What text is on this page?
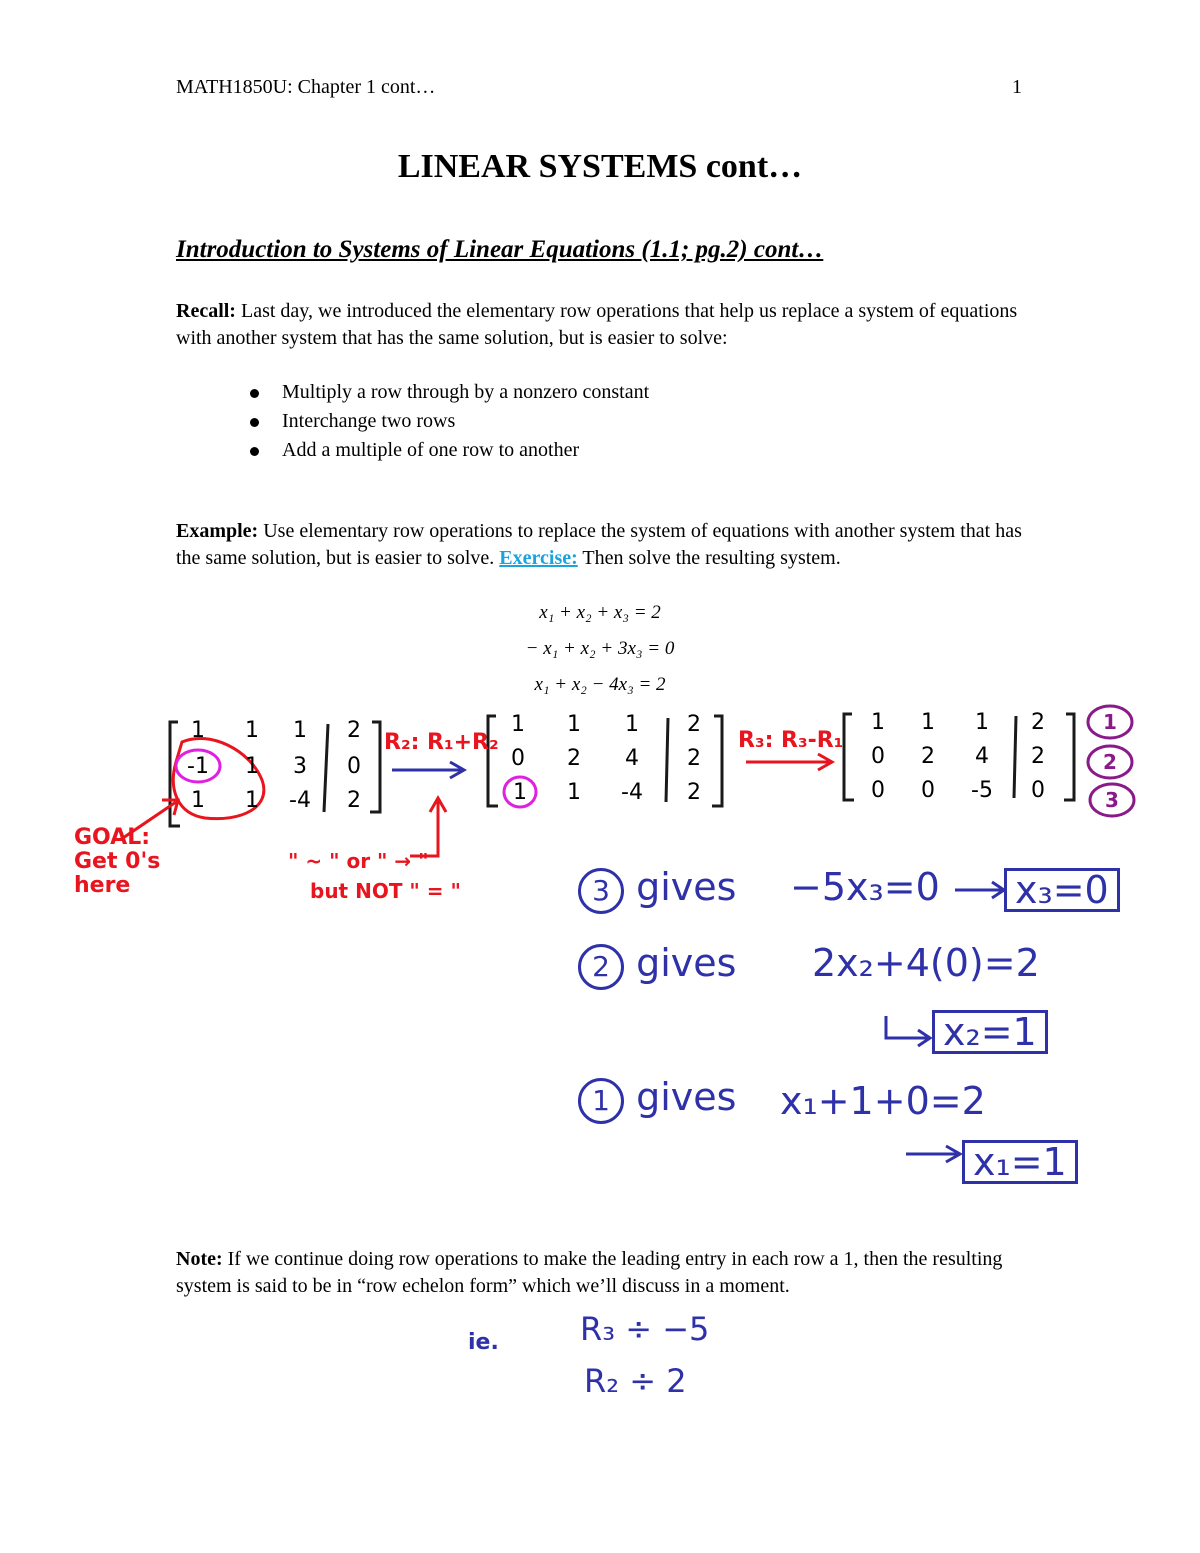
MATH1850U: Chapter 1 cont…	1
LINEAR SYSTEMS cont…
Introduction to Systems of Linear Equations (1.1; pg.2) cont…
Recall: Last day, we introduced the elementary row operations that help us replace a system of equations with another system that has the same solution, but is easier to solve:
Multiply a row through by a nonzero constant
Interchange two rows
Add a multiple of one row to another
Example: Use elementary row operations to replace the system of equations with another system that has the same solution, but is easier to solve. Exercise: Then solve the resulting system.
x₁ + x₂ + x₃ = 2
− x₁ + x₂ + 3x₃ = 0
x₁ + x₂ − 4x₃ = 2
1	1	1	2
-1	1	3	0
1	1	-4	2
1	1	1	2
0	2	4	2
1	1	-4	2
1	1	1	2
0	2	4	2
0	0	-5	0
R₂: R₁+R₂	R₃: R₃-R₁
1
2
3
GOAL:
Get 0's
here
" ~ " or " → "
but NOT " = "	3 gives −5x₃=0 x₃=0
2 gives 2x₂+4(0)=2
x₂=1
1 gives x₁+1+0=2
x₁=1
Note: If we continue doing row operations to make the leading entry in each row a 1, then the resulting system is said to be in “row echelon form” which we’ll discuss in a moment.
ie.	R₃ ÷ −5
R₂ ÷ 2
